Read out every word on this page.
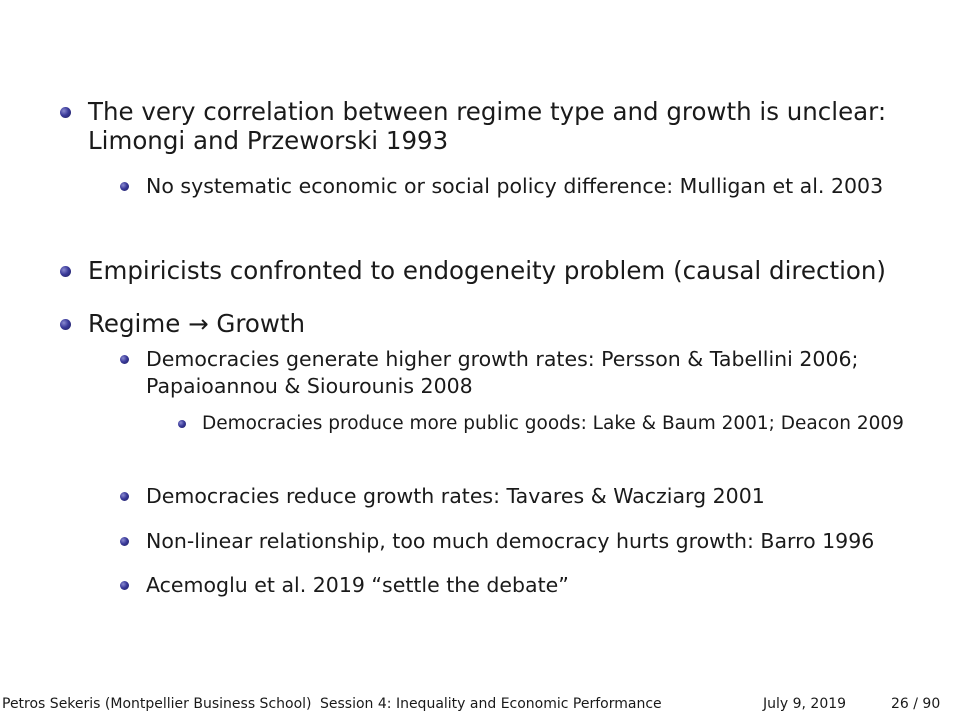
The very correlation between regime type and growth is unclear: Limongi and Przeworski 1993
No systematic economic or social policy difference: Mulligan et al. 2003
Empiricists confronted to endogeneity problem (causal direction)
Regime → Growth
Democracies generate higher growth rates: Persson & Tabellini 2006; Papaioannou & Siourounis 2008
Democracies produce more public goods: Lake & Baum 2001; Deacon 2009
Democracies reduce growth rates: Tavares & Wacziarg 2001
Non-linear relationship, too much democracy hurts growth: Barro 1996
Acemoglu et al. 2019 “settle the debate”
Petros Sekeris (Montpellier Business School) Session 4: Inequality and Economic Performance	July 9, 2019	26 / 90
